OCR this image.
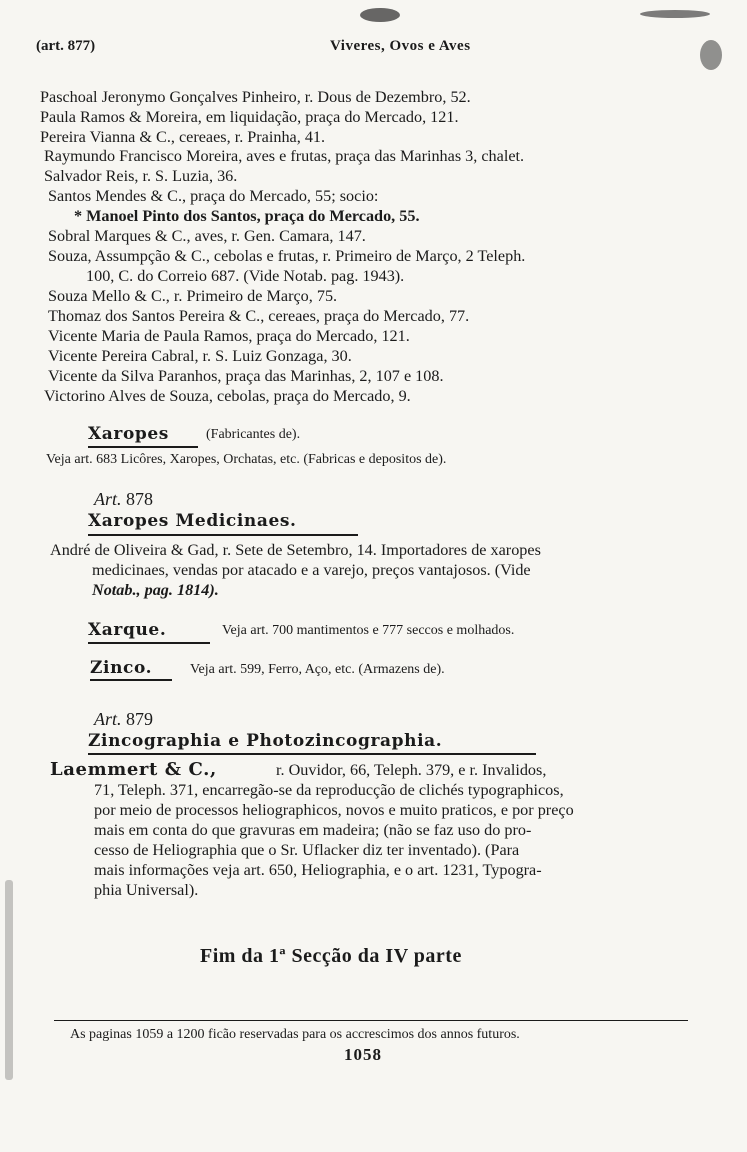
(art. 877)	Viveres, Ovos e Aves
Paschoal Jeronymo Gonçalves Pinheiro, r. Dous de Dezembro, 52.
Paula Ramos & Moreira, em liquidação, praça do Mercado, 121.
Pereira Vianna & C., cereaes, r. Prainha, 41.
Raymundo Francisco Moreira, aves e frutas, praça das Marinhas 3, chalet.
Salvador Reis, r. S. Luzia, 36.
Santos Mendes & C., praça do Mercado, 55; socio:
* Manoel Pinto dos Santos, praça do Mercado, 55.
Sobral Marques & C., aves, r. Gen. Camara, 147.
Souza, Assumpção & C., cebolas e frutas, r. Primeiro de Março, 2 Teleph.
100, C. do Correio 687. (Vide Notab. pag. 1943).
Souza Mello & C., r. Primeiro de Março, 75.
Thomaz dos Santos Pereira & C., cereaes, praça do Mercado, 77.
Vicente Maria de Paula Ramos, praça do Mercado, 121.
Vicente Pereira Cabral, r. S. Luiz Gonzaga, 30.
Vicente da Silva Paranhos, praça das Marinhas, 2, 107 e 108.
Victorino Alves de Souza, cebolas, praça do Mercado, 9.
Xaropes	(Fabricantes de).
Veja art. 683 Licôres, Xaropes, Orchatas, etc. (Fabricas e depositos de).
Art. 878
Xaropes Medicinaes.
André de Oliveira & Gad, r. Sete de Setembro, 14. Importadores de xaropes
medicinaes, vendas por atacado e a varejo, preços vantajosos. (Vide
Notab., pag. 1814).
Xarque.	Veja art. 700 mantimentos e 777 seccos e molhados.
Zinco.	Veja art. 599, Ferro, Aço, etc. (Armazens de).
Art. 879
Zincographia e Photozincographia.
Laemmert & C.,	r. Ouvidor, 66, Teleph. 379, e r. Invalidos,
71, Teleph. 371, encarregão-se da reproducção de clichés typographicos,
por meio de processos heliographicos, novos e muito praticos, e por preço
mais em conta do que gravuras em madeira; (não se faz uso do pro-
cesso de Heliographia que o Sr. Uflacker diz ter inventado). (Para
mais informações veja art. 650, Heliographia, e o art. 1231, Typogra-
phia Universal).
Fim da 1ª Secção da IV parte
As paginas 1059 a 1200 ficão reservadas para os accrescimos dos annos futuros.
1058
